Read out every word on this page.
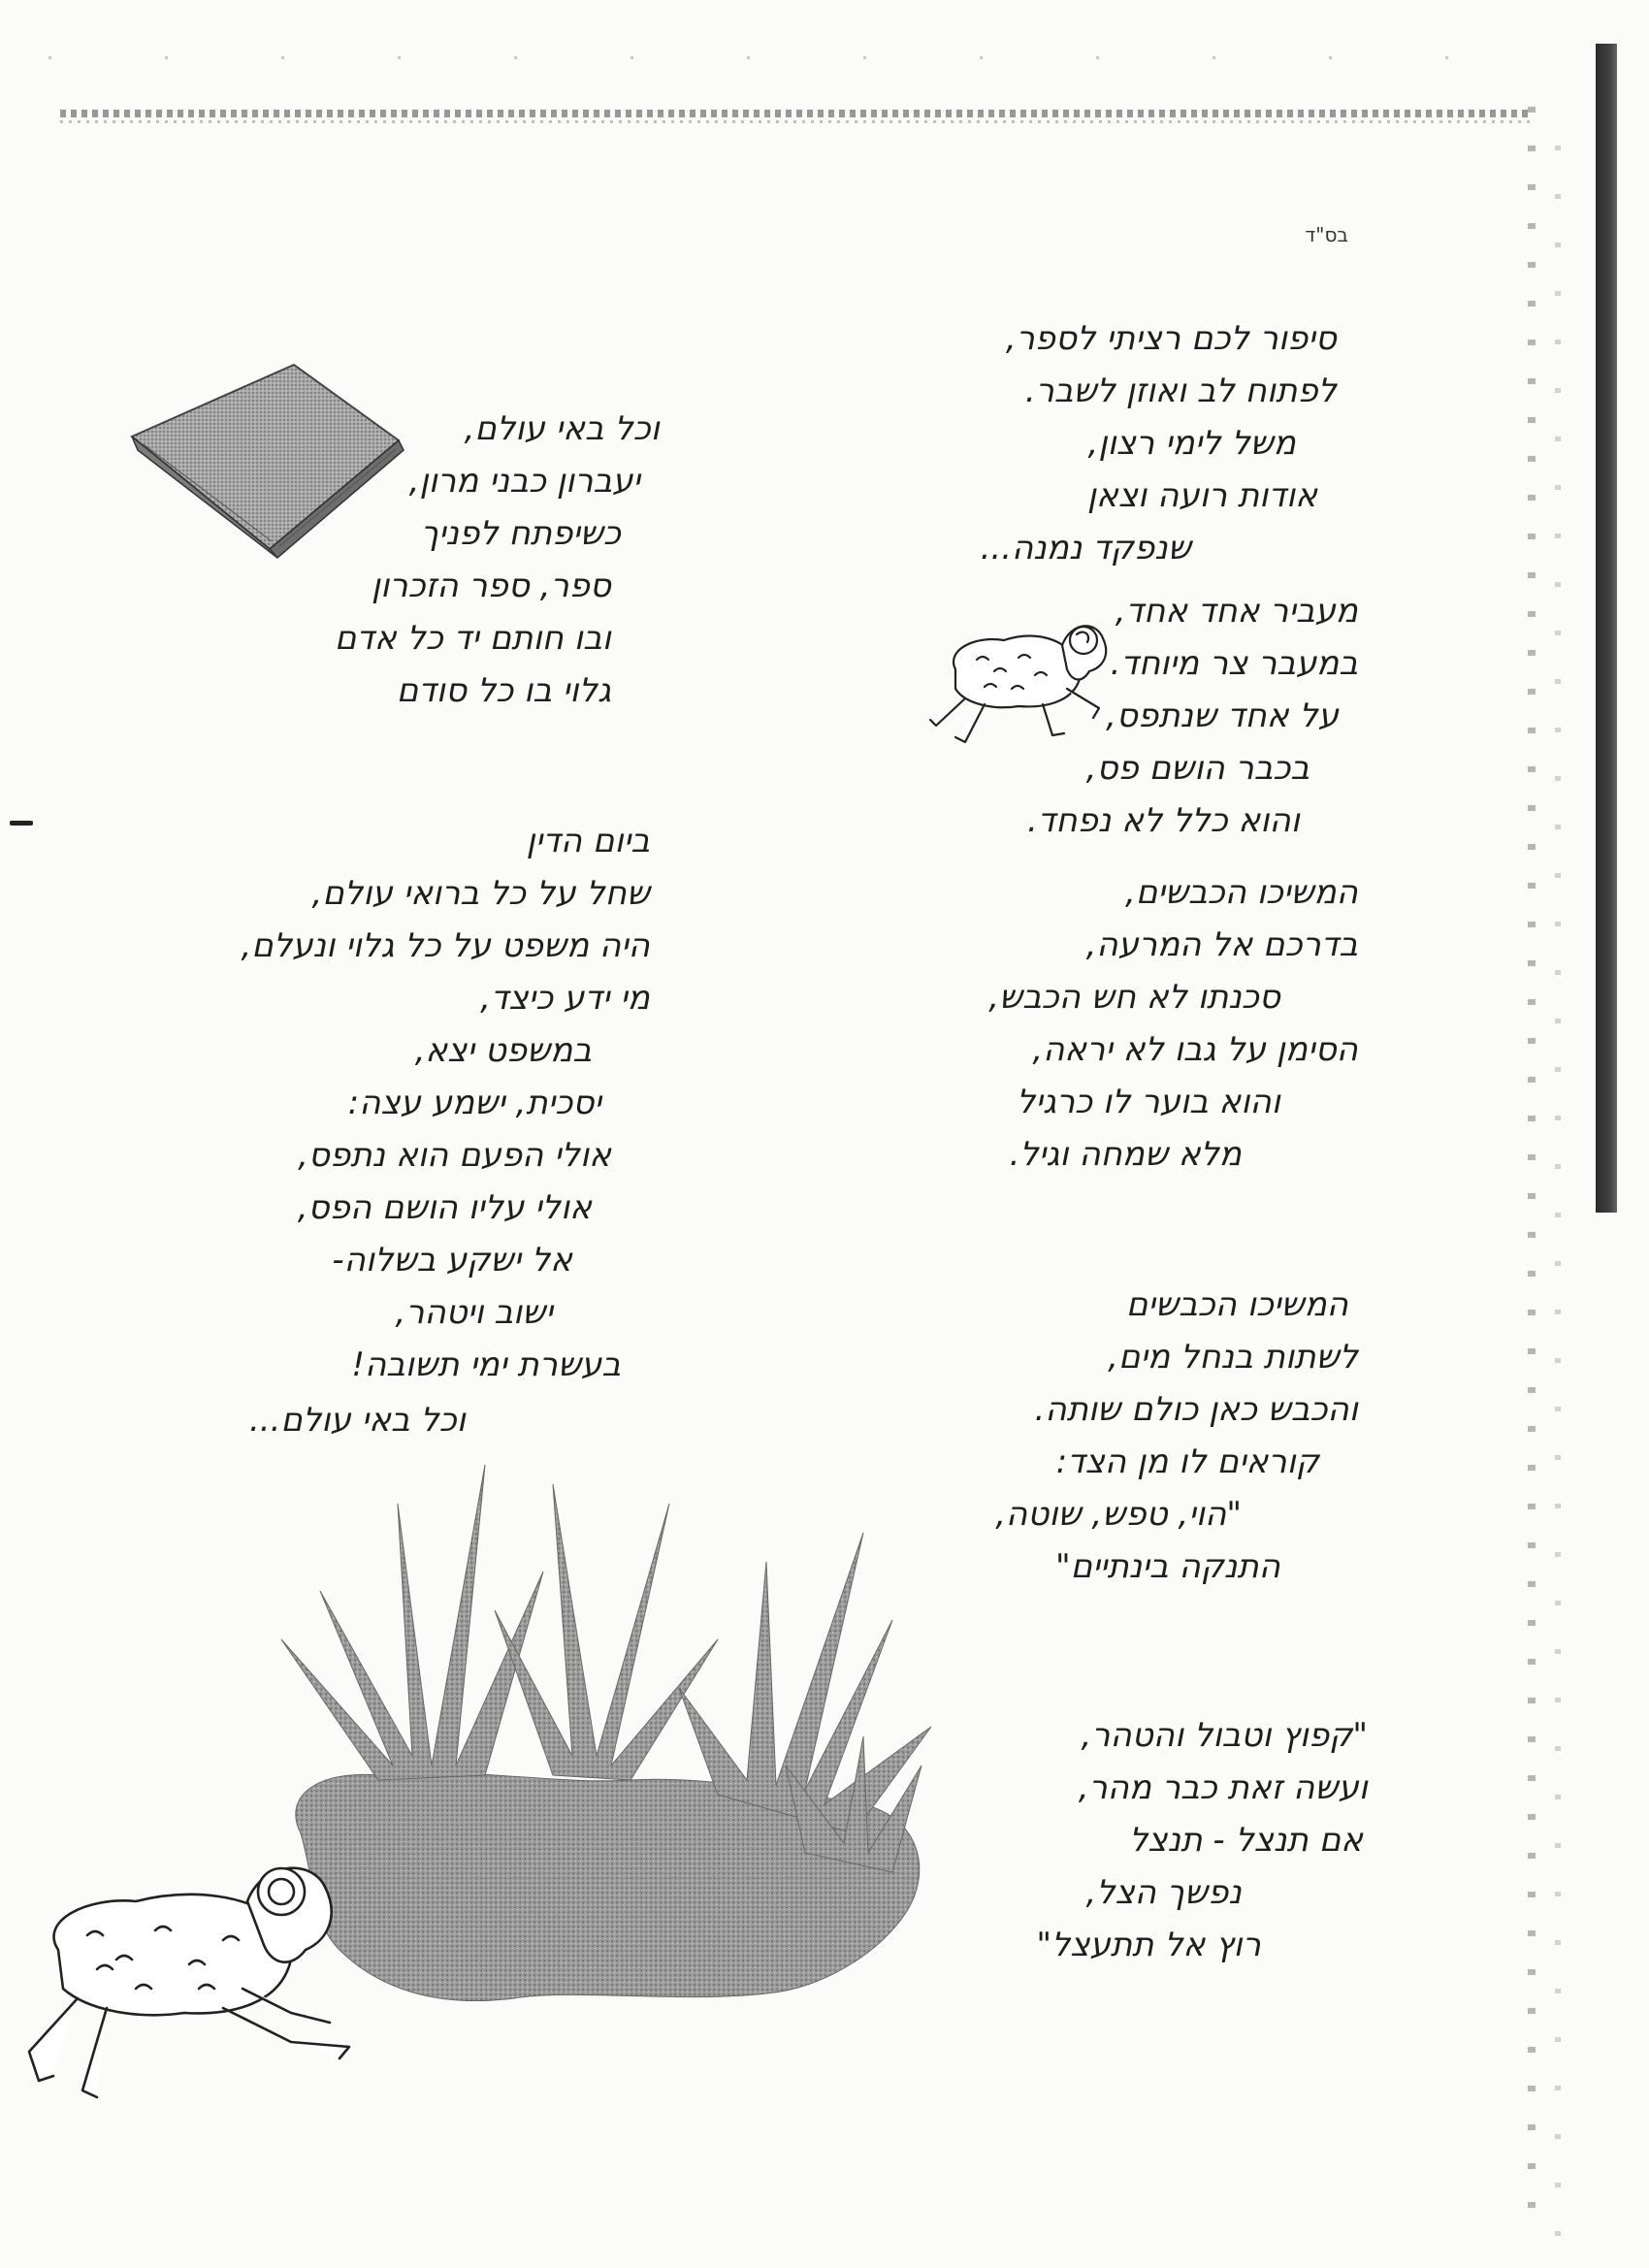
בס"ד
סיפור לכם רציתי לספר,
לפתוח לב ואוזן לשבר.
משל לימי רצון,
אודות רועה וצאן
שנפקד נמנה...
מעביר אחד אחד,
במעבר צר מיוחד.
על אחד שנתפס,
בכבר הושם פס,
והוא כלל לא נפחד.
המשיכו הכבשים,
בדרכם אל המרעה,
סכנתו לא חש הכבש,
הסימן על גבו לא יראה,
והוא בוער לו כרגיל
מלא שמחה וגיל.
המשיכו הכבשים
לשתות בנחל מים,
והכבש כאן כולם שותה.
קוראים לו מן הצד:
"הוי, טפש, שוטה,
התנקה בינתיים"
"קפוץ וטבול והטהר,
ועשה זאת כבר מהר,
אם תנצל - תנצל
נפשך הצל,
רוץ אל תתעצל"
וכל באי עולם,
יעברון כבני מרון,
כשיפתח לפניך
ספר, ספר הזכרון
ובו חותם יד כל אדם
גלוי בו כל סודם
ביום הדין
שחל על כל ברואי עולם,
היה משפט על כל גלוי ונעלם,
מי ידע כיצד,
במשפט יצא,
יסכית, ישמע עצה:
אולי הפעם הוא נתפס,
אולי עליו הושם הפס,
אל ישקע בשלוה-
ישוב ויטהר,
בעשרת ימי תשובה!
וכל באי עולם...
